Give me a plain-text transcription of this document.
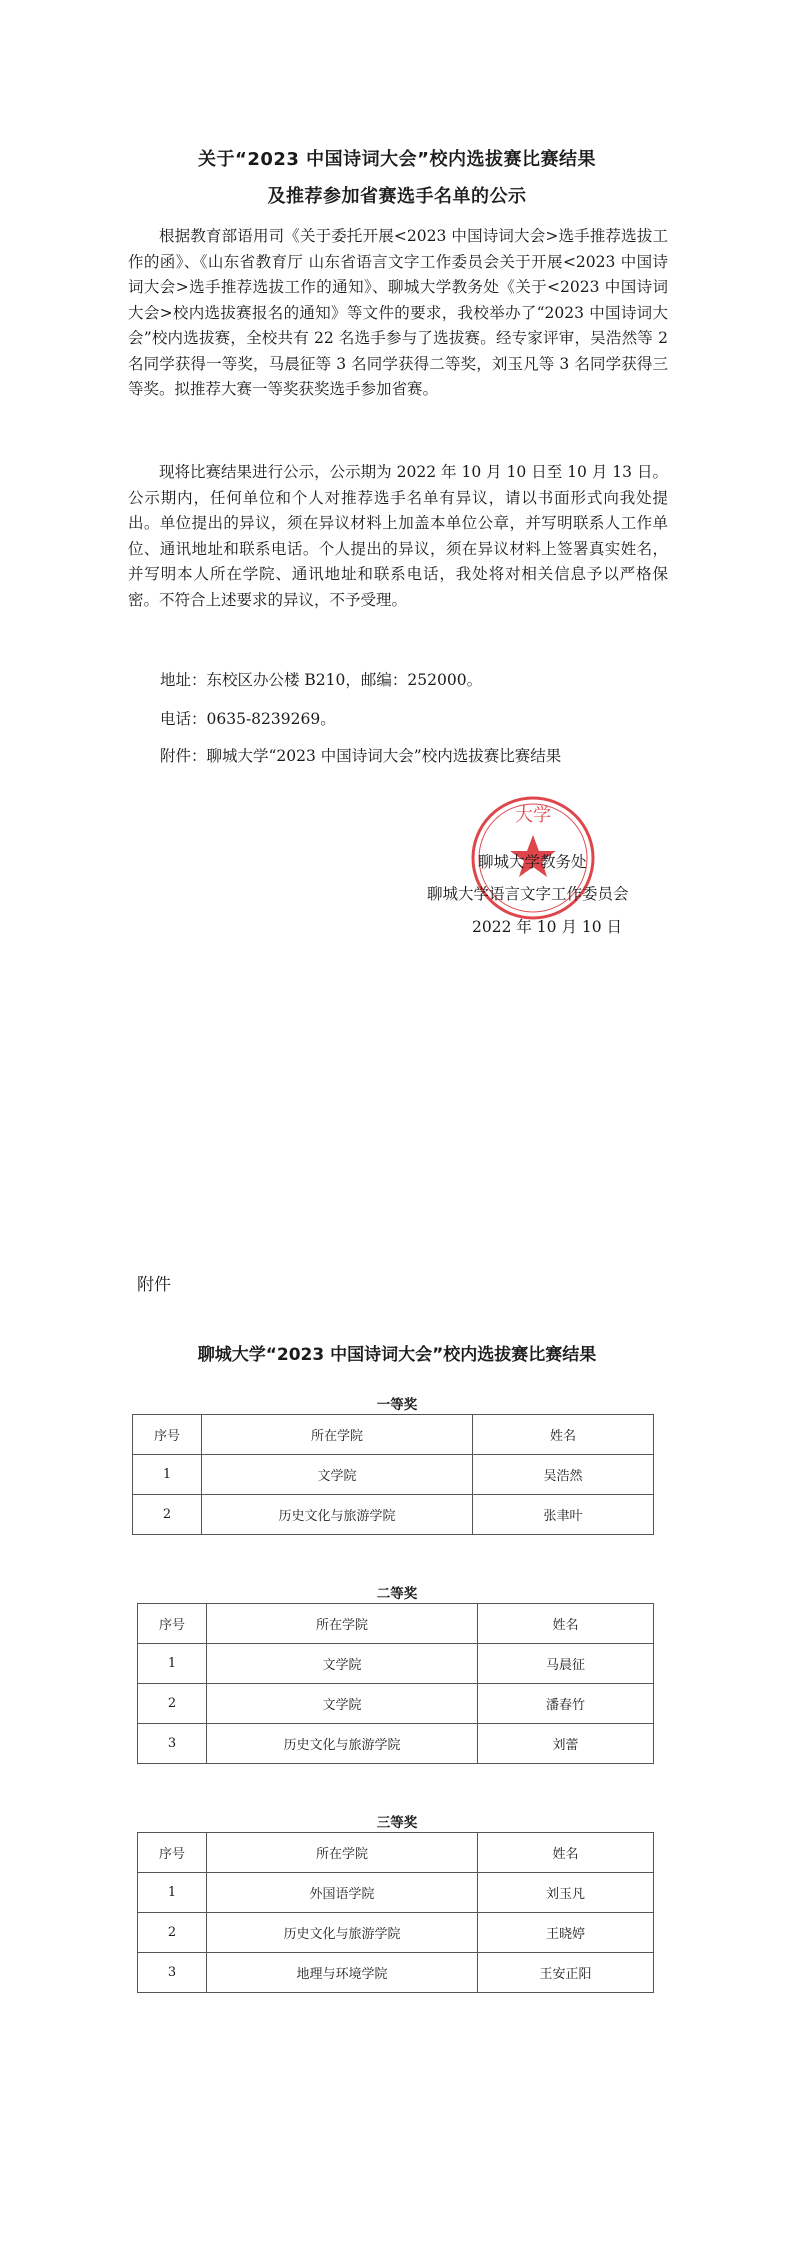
关于“2023 中国诗词大会”校内选拔赛比赛结果
及推荐参加省赛选手名单的公示

根据教育部语用司《关于委托开展<2023 中国诗词大会>选手推荐选拔工作的函》、《山东省教育厅 山东省语言文字工作委员会关于开展<2023 中国诗词大会>选手推荐选拔工作的通知》、聊城大学教务处《关于<2023 中国诗词大会>校内选拔赛报名的通知》等文件的要求，我校举办了“2023 中国诗词大会”校内选拔赛，全校共有 22 名选手参与了选拔赛。经专家评审，吴浩然等 2 名同学获得一等奖，马晨征等 3 名同学获得二等奖，刘玉凡等 3 名同学获得三等奖。拟推荐大赛一等奖获奖选手参加省赛。

现将比赛结果进行公示，公示期为 2022 年 10 月 10 日至 10 月 13 日。公示期内，任何单位和个人对推荐选手名单有异议，请以书面形式向我处提出。单位提出的异议，须在异议材料上加盖本单位公章，并写明联系人工作单位、通讯地址和联系电话。个人提出的异议，须在异议材料上签署真实姓名，并写明本人所在学院、通讯地址和联系电话，我处将对相关信息予以严格保密。不符合上述要求的异议，不予受理。

地址：东校区办公楼 B210，邮编：252000。
电话：0635-8239269。
附件：聊城大学“2023 中国诗词大会”校内选拔赛比赛结果
大学
聊城大学教务处
聊城大学语言文字工作委员会
2022 年 10 月 10 日
附件
聊城大学“2023 中国诗词大会”校内选拔赛比赛结果
一等奖
序号	所在学院	姓名
1	文学院	吴浩然
2	历史文化与旅游学院	张聿叶
二等奖
序号	所在学院	姓名
1	文学院	马晨征
2	文学院	潘春竹
3	历史文化与旅游学院	刘蕾
三等奖
序号	所在学院	姓名
1	外国语学院	刘玉凡
2	历史文化与旅游学院	王晓婷
3	地理与环境学院	王安正阳
